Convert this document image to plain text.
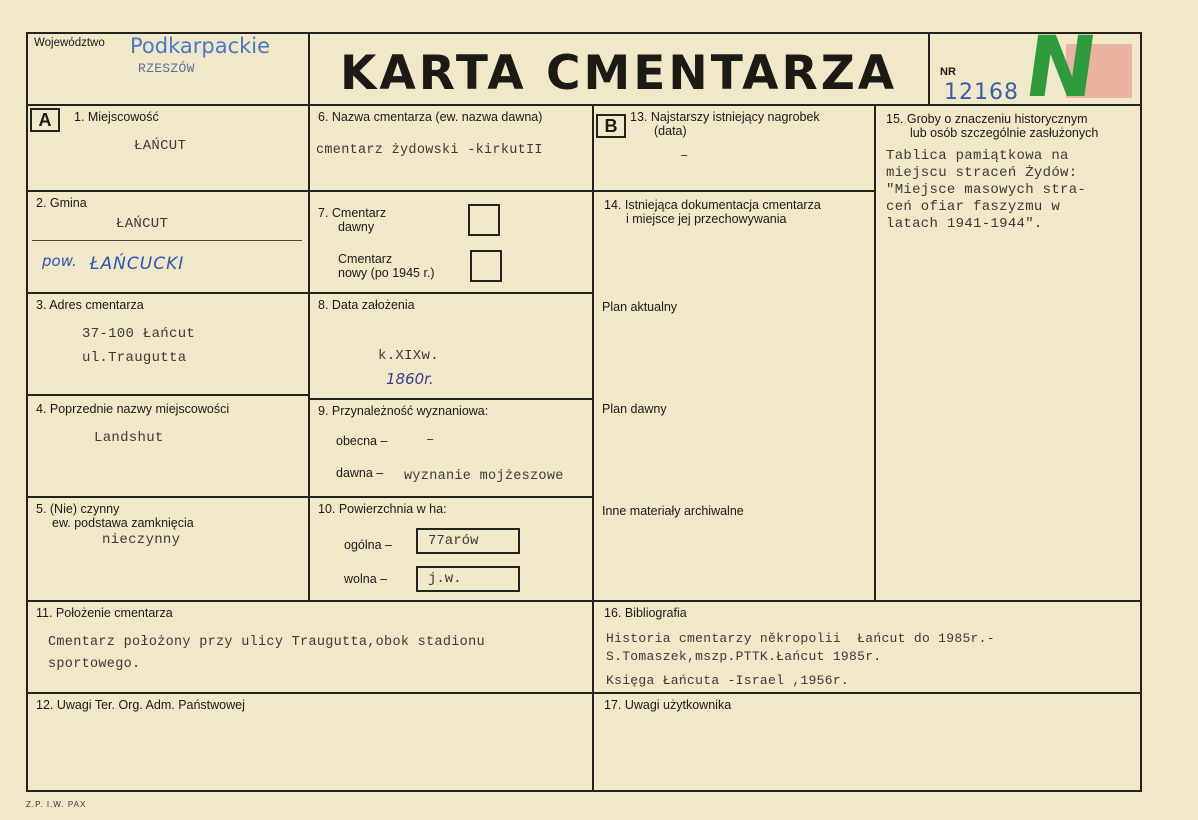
Województwo Podkarpackie
RZESZÓW	KARTA CMENTARZA	NR
12168 N
A	1. Miejscowość
ŁAŃCUT
2. Gmina
ŁAŃCUT
pow. ŁAŃCUCKI
3. Adres cmentarza
37-100 Łańcut
ul.Traugutta
4. Poprzednie nazwy miejscowości
Landshut
5. (Nie) czynny
ew. podstawa zamknięcia
nieczynny
6. Nazwa cmentarza (ew. nazwa dawna)
cmentarz żydowski -kirkutII
7. Cmentarz
dawny
Cmentarz
nowy (po 1945 r.)
8. Data założenia
k.XIXw.
1860r.
9. Przynależność wyznaniowa:
obecna –	–
dawna – wyznanie mojżeszowe
10. Powierzchnia w ha:
ogólna –	77arów
wolna –	j.w.
B	13. Najstarszy istniejący nagrobek
(data)
–
14. Istniejąca dokumentacja cmentarza
i miejsce jej przechowywania
Plan aktualny
Plan dawny
Inne materiały archiwalne
15. Groby o znaczeniu historycznym
lub osób szczególnie zasłużonych
Tablica pamiątkowa na
miejscu straceń Żydów:
"Miejsce masowych stra-
ceń ofiar faszyzmu w
latach 1941-1944".
11. Położenie cmentarza
Cmentarz położony przy ulicy Traugutta,obok stadionu
sportowego.
16. Bibliografia
Historia cmentarzy někropolii  Łańcut do 1985r.-
S.Tomaszek,mszp.PTTK.Łańcut 1985r.
Księga Łańcuta -Israel ,1956r.
12. Uwagi Ter. Org. Adm. Państwowej	17. Uwagi użytkownika
Z.P. I.W. PAX
